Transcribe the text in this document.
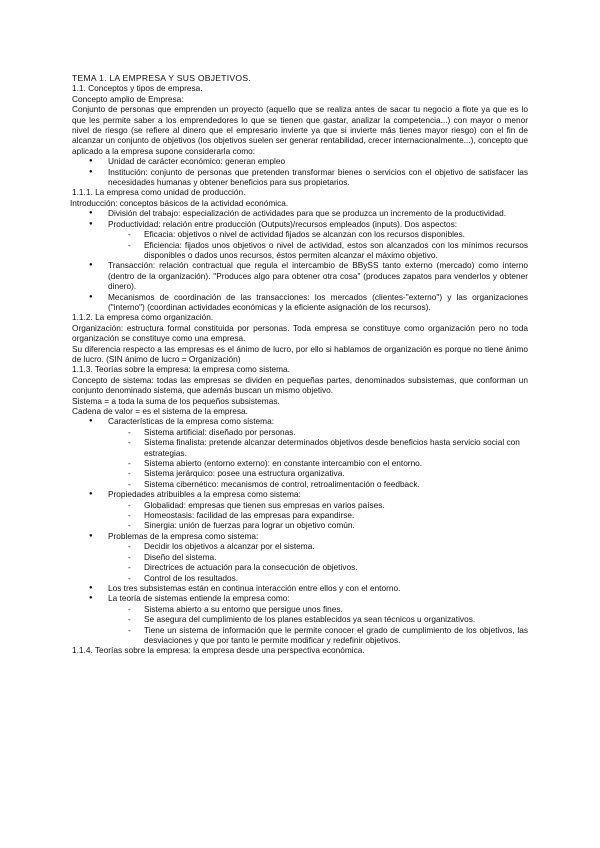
TEMA 1. LA EMPRESA Y SUS OBJETIVOS.

1.1. Conceptos y tipos de empresa.

Concepto amplio de Empresa:

Conjunto de personas que emprenden un proyecto (aquello que se realiza antes de sacar tu negocio a flote ya que es lo que les permite saber a los emprendedores lo que se tienen que gastar, analizar la competencia...) con mayor o menor nivel de riesgo (se refiere al dinero que el empresario invierte ya que si invierte más tienes mayor riesgo) con el fin de alcanzar un conjunto de objetivos (los objetivos suelen ser generar rentabilidad, crecer internacionalmente...), concepto que aplicado a la empresa supone considerarla como:

● Unidad de carácter económico: generan empleo
● Institución: conjunto de personas que pretenden transformar bienes o servicios con el objetivo de satisfacer las necesidades humanas y obtener beneficios para sus propietarios.

1.1.1. La empresa como unidad de producción.

Introducción: conceptos básicos de la actividad económica.

● División del trabajo: especialización de actividades para que se produzca un incremento de la productividad.
● Productividad: relación entre producción (Outputs)/recursos empleados (inputs). Dos aspectos:
- Eficacia: objetivos o nivel de actividad fijados se alcanzan con los recursos disponibles.
- Eficiencia: fijados unos objetivos o nivel de actividad, estos son alcanzados con los mínimos recursos disponibles o dados unos recursos, éstos permiten alcanzar el máximo objetivo.
● Transacción: relación contractual que regula el intercambio de BBySS tanto externo (mercado) como interno (dentro de la organización). "Produces algo para obtener otra cosa" (produces zapatos para venderlos y obtener dinero).
● Mecanismos de coordinación de las transacciones: los mercados (clientes-"externo") y las organizaciones ("interno") (coordinan actividades económicas y la eficiente asignación de los recursos).

1.1.2. La empresa como organización.

Organización: estructura formal constituida por personas. Toda empresa se constituye como organización pero no toda organización se constituye como una empresa.

Su diferencia respecto a las empresas es el ánimo de lucro, por ello si hablamos de organización es porque no tiene ánimo de lucro. (SIN ánimo de lucro = Organización)

1.1.3. Teorías sobre la empresa: la empresa como sistema.

Concepto de sistema: todas las empresas se dividen en pequeñas partes, denominados subsistemas, que conforman un conjunto denominado sistema, que además buscan un mismo objetivo.

Sistema = a toda la suma de los pequeños subsistemas.

Cadena de valor = es el sistema de la empresa.

● Características de la empresa como sistema:
- Sistema artificial: diseñado por personas.
- Sistema finalista: pretende alcanzar determinados objetivos desde beneficios hasta servicio social con estrategias.
- Sistema abierto (entorno externo): en constante intercambio con el entorno.
- Sistema jerárquico: posee una estructura organizativa.
- Sistema cibernético: mecanismos de control, retroalimentación o feedback.
● Propiedades atribuibles a la empresa como sistema:
- Globalidad: empresas que tienen sus empresas en varios países.
- Homeostasis: facilidad de las empresas para expandirse.
- Sinergia: unión de fuerzas para lograr un objetivo común.
● Problemas de la empresa como sistema:
- Decidir los objetivos a alcanzar por el sistema.
- Diseño del sistema.
- Directrices de actuación para la consecución de objetivos.
- Control de los resultados.
● Los tres subsistemas están en continua interacción entre ellos y con el entorno.
● La teoría de sistemas entiende la empresa como:
- Sistema abierto a su entorno que persigue unos fines.
- Se asegura del cumplimiento de los planes establecidos ya sean técnicos u organizativos.
- Tiene un sistema de información que le permite conocer el grado de cumplimiento de los objetivos, las desviaciones y que por tanto le permite modificar y redefinir objetivos.

1.1.4. Teorías sobre la empresa: la empresa desde una perspectiva económica.
